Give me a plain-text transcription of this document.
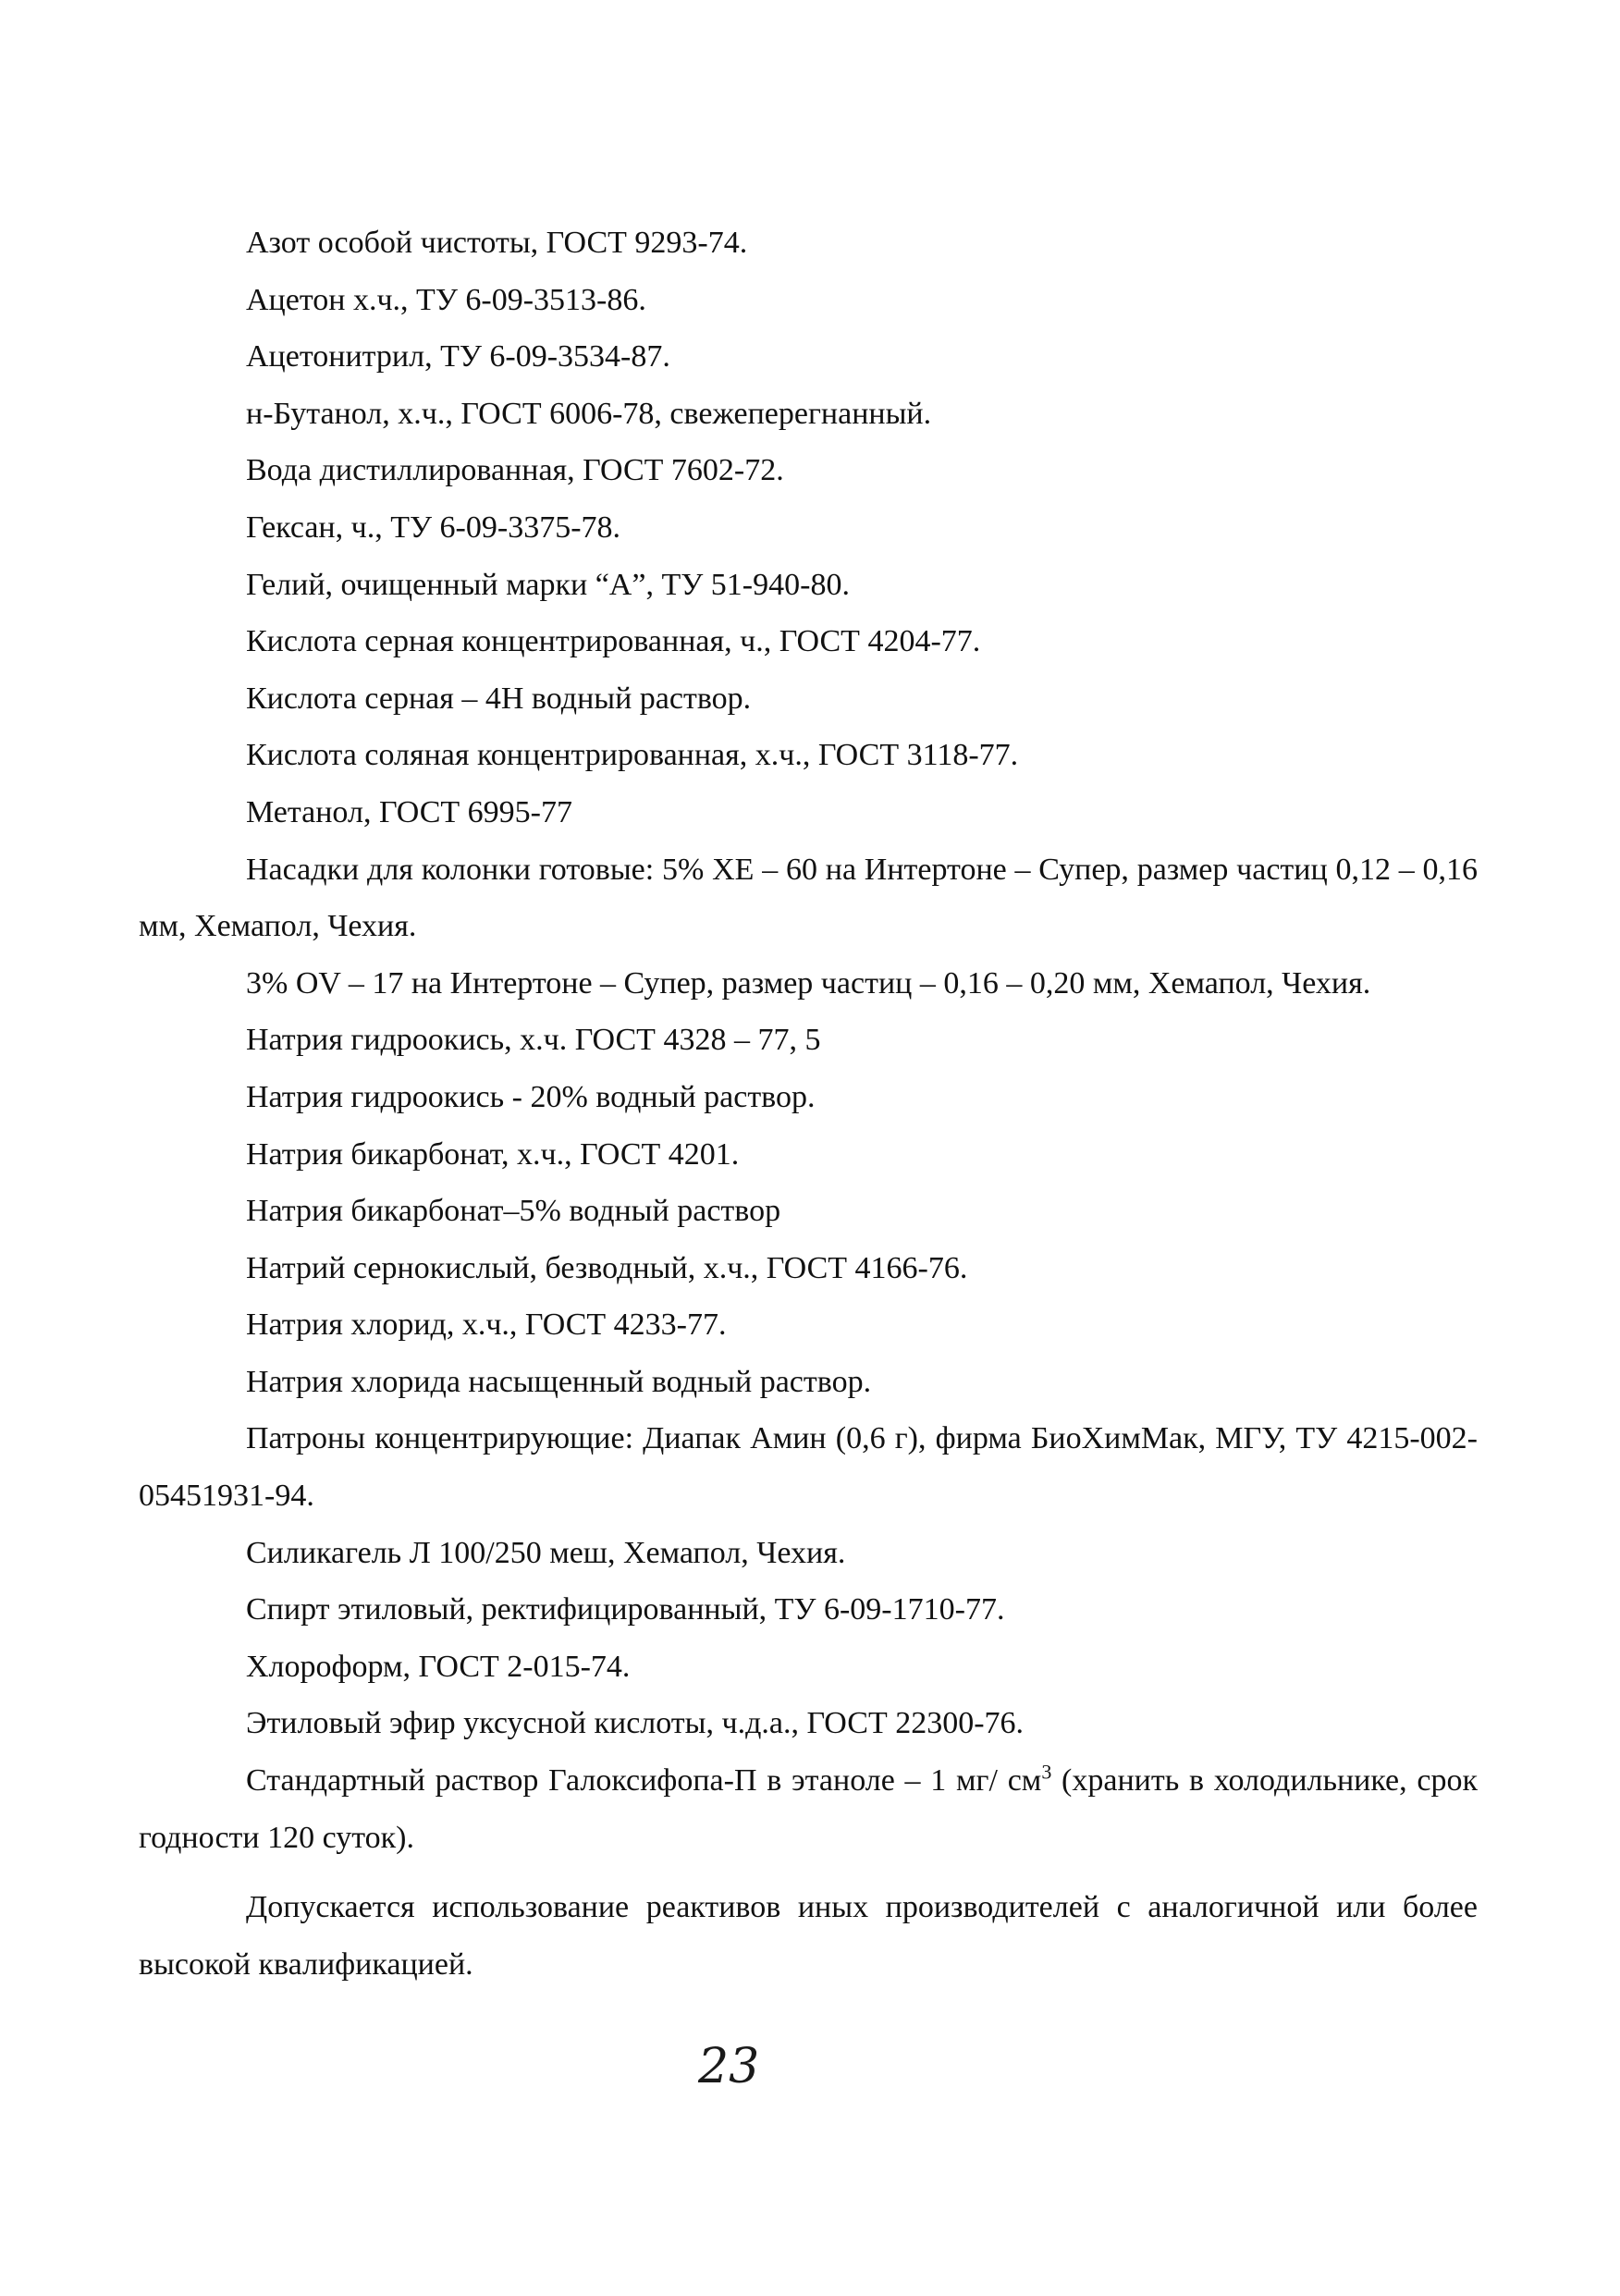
Азот особой чистоты, ГОСТ 9293-74.

Ацетон х.ч., ТУ 6-09-3513-86.

Ацетонитрил, ТУ 6-09-3534-87.

н-Бутанол, х.ч., ГОСТ 6006-78, свежеперегнанный.

Вода дистиллированная, ГОСТ 7602-72.

Гексан, ч., ТУ 6-09-3375-78.

Гелий, очищенный марки “А”, ТУ 51-940-80.

Кислота серная концентрированная, ч., ГОСТ 4204-77.

Кислота серная – 4Н водный раствор.

Кислота соляная концентрированная, х.ч., ГОСТ 3118-77.

Метанол, ГОСТ 6995-77

Насадки для колонки готовые: 5% ХЕ – 60 на Интертоне – Супер, размер частиц 0,12 – 0,16 мм, Хемапол, Чехия.

3% OV – 17 на Интертоне – Супер, размер частиц – 0,16 – 0,20 мм, Хемапол, Чехия.

Натрия гидроокись, х.ч. ГОСТ 4328 – 77, 5

Натрия гидроокись - 20% водный раствор.

Натрия бикарбонат, х.ч., ГОСТ 4201.

Натрия бикарбонат–5% водный раствор

Натрий сернокислый, безводный, х.ч., ГОСТ 4166-76.

Натрия хлорид, х.ч., ГОСТ 4233-77.

Натрия хлорида насыщенный водный раствор.

Патроны концентрирующие: Диапак Амин (0,6 г), фирма БиоХимМак, МГУ, ТУ 4215-002-05451931-94.

Силикагель Л 100/250 меш, Хемапол, Чехия.

Спирт этиловый, ректифицированный, ТУ 6-09-1710-77.

Хлороформ, ГОСТ 2-015-74.

Этиловый эфир уксусной кислоты, ч.д.а., ГОСТ 22300-76.

Стандартный раствор Галоксифопа-П в этаноле – 1 мг/ $см^3$ (хранить в холодильнике, срок годности 120 суток).

Допускается использование реактивов иных производителей с аналогичной или более высокой квалификацией.

23
